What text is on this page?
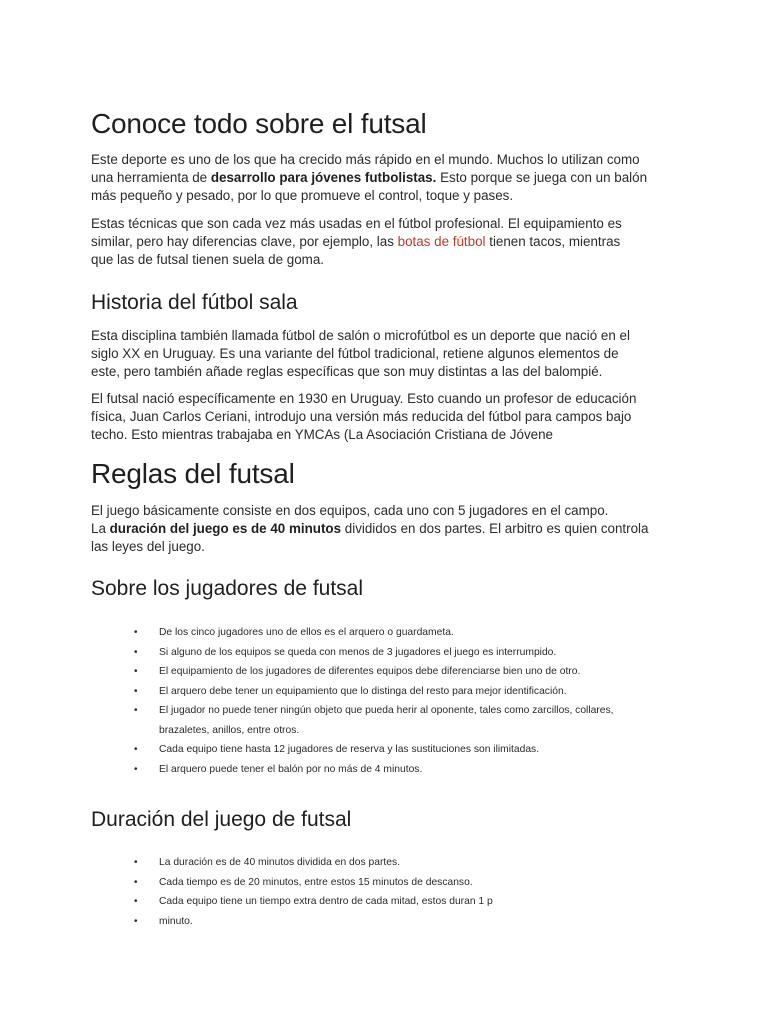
Conoce todo sobre el futsal

Este deporte es uno de los que ha crecido más rápido en el mundo. Muchos lo utilizan como
una herramienta de desarrollo para jóvenes futbolistas. Esto porque se juega con un balón
más pequeño y pesado, por lo que promueve el control, toque y pases.

Estas técnicas que son cada vez más usadas en el fútbol profesional. El equipamiento es
similar, pero hay diferencias clave, por ejemplo, las botas de fútbol tienen tacos, mientras
que las de futsal tienen suela de goma.

Historia del fútbol sala

Esta disciplina también llamada fútbol de salón o microfútbol es un deporte que nació en el
siglo XX en Uruguay. Es una variante del fútbol tradicional, retiene algunos elementos de
este, pero también añade reglas específicas que son muy distintas a las del balompié.

El futsal nació específicamente en 1930 en Uruguay. Esto cuando un profesor de educación
física, Juan Carlos Ceriani, introdujo una versión más reducida del fútbol para campos bajo
techo. Esto mientras trabajaba en YMCAs (La Asociación Cristiana de Jóvene

Reglas del futsal

El juego básicamente consiste en dos equipos, cada uno con 5 jugadores en el campo.
La duración del juego es de 40 minutos divididos en dos partes. El arbitro es quien controla
las leyes del juego.

Sobre los jugadores de futsal
• De los cinco jugadores uno de ellos es el arquero o guardameta.
• Si alguno de los equipos se queda con menos de 3 jugadores el juego es interrumpido.
• El equipamiento de los jugadores de diferentes equipos debe diferenciarse bien uno de otro.
• El arquero debe tener un equipamiento que lo distinga del resto para mejor identificación.
• El jugador no puede tener ningún objeto que pueda herir al oponente, tales como zarcillos, collares,
brazaletes, anillos, entre otros.
• Cada equipo tiene hasta 12 jugadores de reserva y las sustituciones son ilimitadas.
• El arquero puede tener el balón por no más de 4 minutos.
Duración del juego de futsal
• La duración es de 40 minutos dividida en dos partes.
• Cada tiempo es de 20 minutos, entre estos 15 minutos de descanso.
• Cada equipo tiene un tiempo extra dentro de cada mitad, estos duran 1 p
• minuto.
